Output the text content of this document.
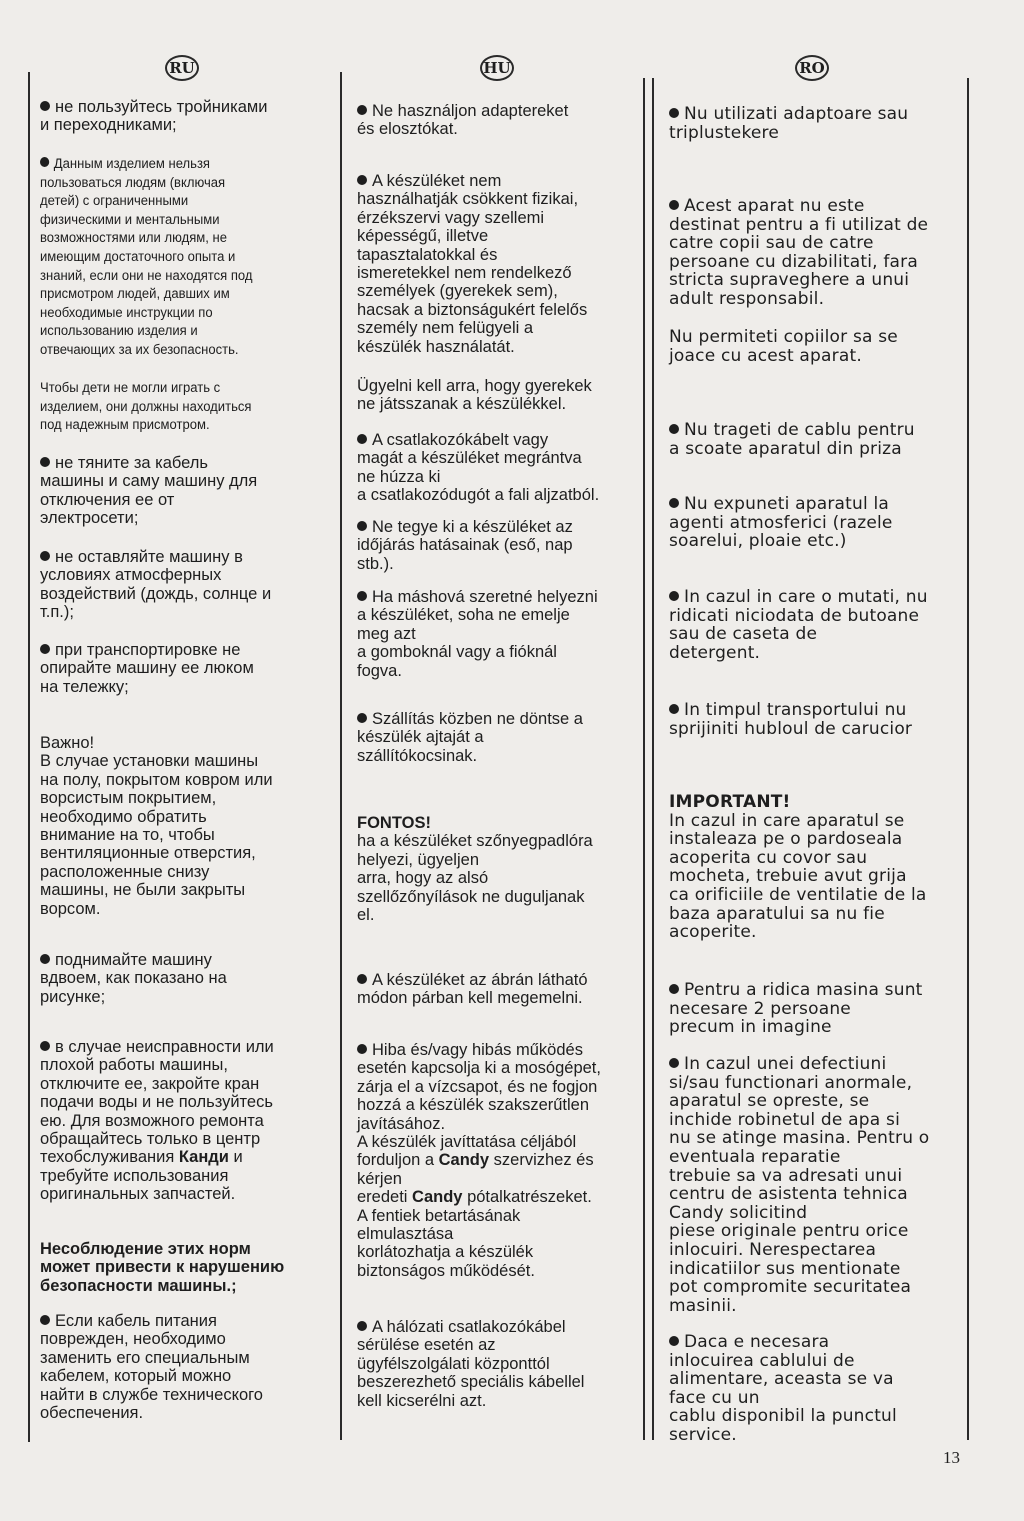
RU	HU	RO

не пользуйтесь тройниками
и переходниками;

Данным изделием нельзя
пользоваться людям (включая
детей) с ограниченными
физическими и ментальными
возможностями или людям, не
имеющим достаточного опыта и
знаний, если они не находятся под
присмотром людей, давших им
необходимые инструкции по
использованию изделия и
отвечающих за их безопасность.

Чтобы дети не могли играть с
изделием, они должны находиться
под надежным присмотром.

не тяните за кабель
машины и саму машину для
отключения ее от
электросети;

не оставляйте машину в
условиях атмосферных
воздействий (дождь, солнце и
т.п.);

при транспортировке не
опирайте машину ее люком
на тележку;

Важно!

В случае установки машины
на полу, покрытом ковром или
ворсистым покрытием,
необходимо обратить
внимание на то, чтобы
вентиляционные отверстия,
расположенные снизу
машины, не были закрыты
ворсом.

поднимайте машину
вдвоем, как показано на
рисунке;

в случае неисправности или
плохой работы машины,
отключите ее, закройте кран
подачи воды и не пользуйтесь
ею. Для возможного ремонта
обращайтесь только в центр
техобслуживания Канди и
требуйте использования
оригинальных запчастей.

Несоблюдение этих норм
может привести к нарушению
безопасности машины.;

Если кабель питания
поврежден, необходимо
заменить его специальным
кабелем, который можно
найти в службе технического
обеспечения.

Ne használjon adaptereket
és elosztókat.

A készüléket nem
használhatják csökkent fizikai,
érzékszervi vagy szellemi
képességű, illetve
tapasztalatokkal és
ismeretekkel nem rendelkező
személyek (gyerekek sem),
hacsak a biztonságukért felelős
személy nem felügyeli a
készülék használatát.

Ügyelni kell arra, hogy gyerekek
ne játsszanak a készülékkel.

A csatlakozókábelt vagy
magát a készüléket megrántva
ne húzza ki
a csatlakozódugót a fali aljzatból.

Ne tegye ki a készüléket az
időjárás hatásainak (eső, nap
stb.).

Ha máshová szeretné helyezni
a készüléket, soha ne emelje
meg azt
a gomboknál vagy a fióknál
fogva.

Szállítás közben ne döntse a
készülék ajtaját a
szállítókocsinak.

FONTOS!

ha a készüléket szőnyegpadlóra
helyezi, ügyeljen
arra, hogy az alsó
szellőzőnyílások ne duguljanak
el.

A készüléket az ábrán látható
módon párban kell megemelni.

Hiba és/vagy hibás működés
esetén kapcsolja ki a mosógépet,
zárja el a vízcsapot, és ne fogjon
hozzá a készülék szakszerűtlen
javításához.
A készülék javíttatása céljából
forduljon a Candy szervizhez és
kérjen
eredeti Candy pótalkatrészeket.
A fentiek betartásának
elmulasztása
korlátozhatja a készülék
biztonságos működését.

A hálózati csatlakozókábel
sérülése esetén az
ügyfélszolgálati központtól
beszerezhető speciális kábellel
kell kicserélni azt.

Nu utilizati adaptoare sau
triplustekere

Acest aparat nu este
destinat pentru a fi utilizat de
catre copii sau de catre
persoane cu dizabilitati, fara
stricta supraveghere a unui
adult responsabil.

Nu permiteti copiilor sa se
joace cu acest aparat.

Nu trageti de cablu pentru
a scoate aparatul din priza

Nu expuneti aparatul la
agenti atmosferici (razele
soarelui, ploaie etc.)

In cazul in care o mutati, nu
ridicati niciodata de butoane
sau de caseta de
detergent.

In timpul transportului nu
sprijiniti hubloul de carucior

IMPORTANT!

In cazul in care aparatul se
instaleaza pe o pardoseala
acoperita cu covor sau
mocheta, trebuie avut grija
ca orificiile de ventilatie de la
baza aparatului sa nu fie
acoperite.

Pentru a ridica masina sunt
necesare 2 persoane
precum in imagine

In cazul unei defectiuni
si/sau functionari anormale,
aparatul se opreste, se
inchide robinetul de apa si
nu se atinge masina. Pentru o
eventuala reparatie
trebuie sa va adresati unui
centru de asistenta tehnica
Candy solicitind
piese originale pentru orice
inlocuiri. Nerespectarea
indicatiilor sus mentionate
pot compromite securitatea
masinii.

Daca e necesara
inlocuirea cablului de
alimentare, aceasta se va
face cu un
cablu disponibil la punctul
service.

13
